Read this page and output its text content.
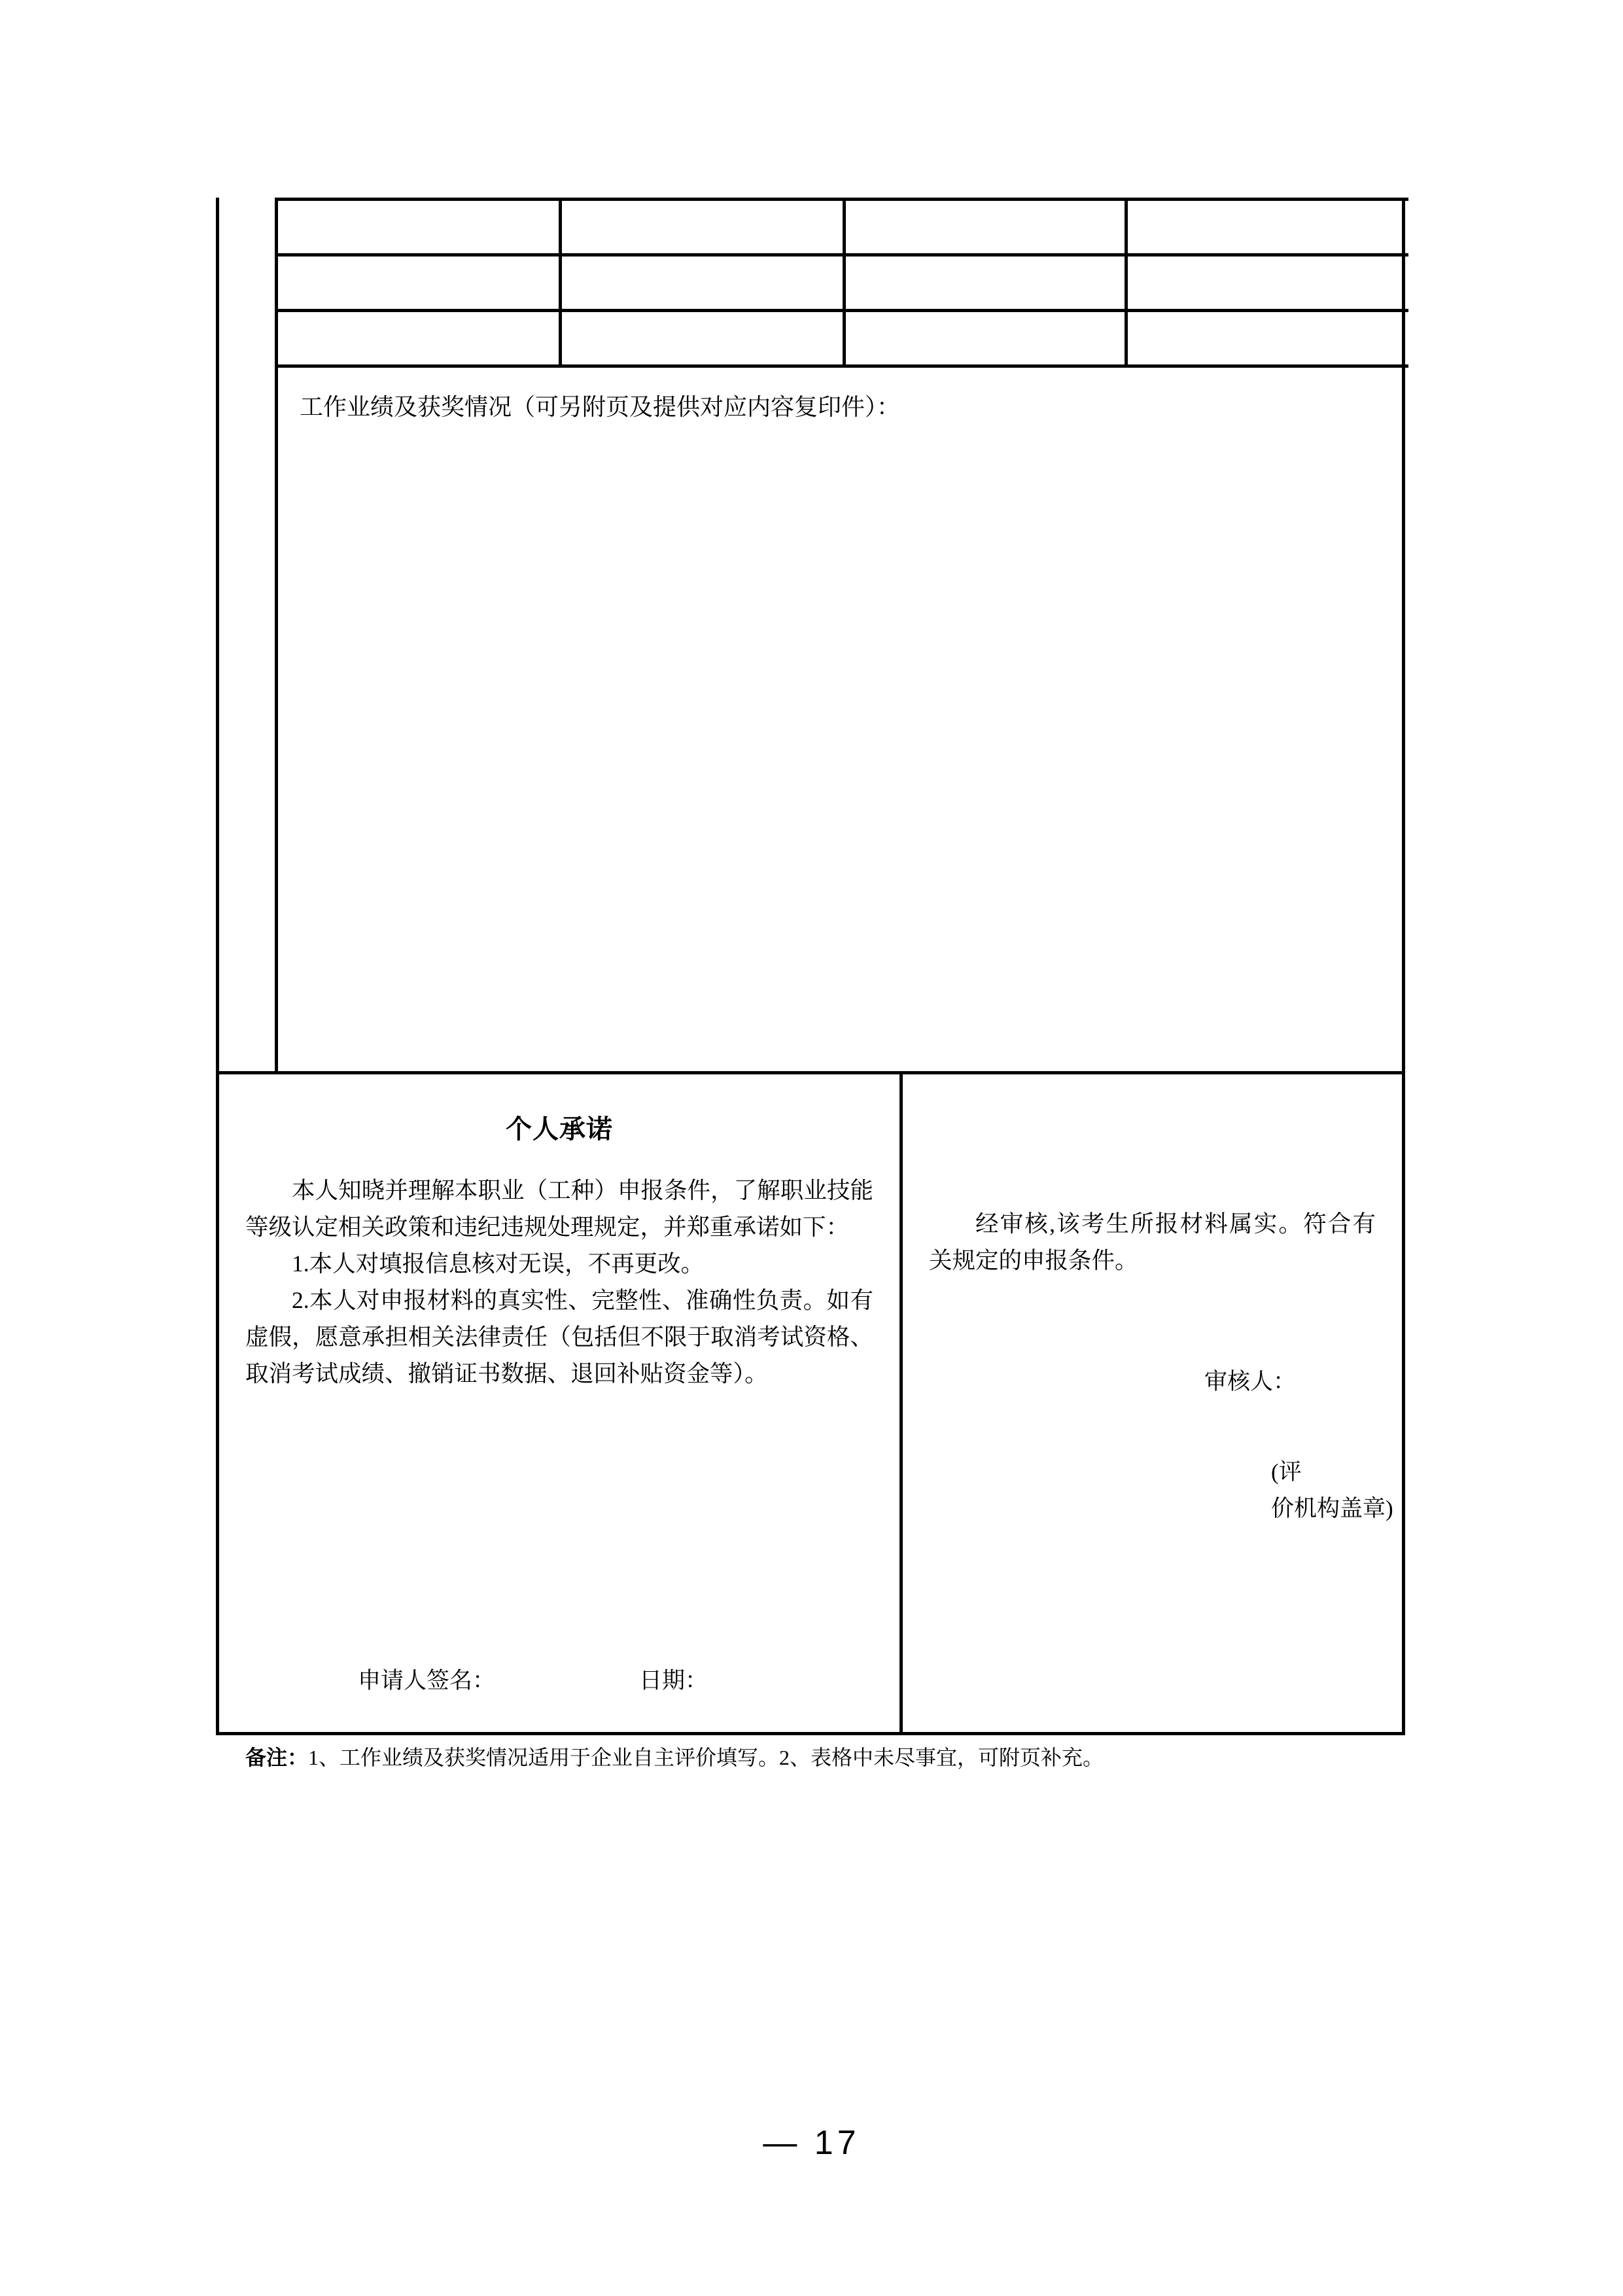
工作业绩及获奖情况（可另附页及提供对应内容复印件）：
个人承诺

本人知晓并理解本职业（工种）申报条件，了解职业技能等级认定相关政策和违纪违规处理规定，并郑重承诺如下：

1.本人对填报信息核对无误，不再更改。

2.本人对申报材料的真实性、完整性、准确性负责。如有虚假，愿意承担相关法律责任（包括但不限于取消考试资格、取消考试成绩、撤销证书数据、退回补贴资金等）。

申请人签名：	日期：

经审核,该考生所报材料属实。符合有关规定的申报条件。

审核人：
(评
价机构盖章)
备注：1、工作业绩及获奖情况适用于企业自主评价填写。2、表格中未尽事宜，可附页补充。
— 17
